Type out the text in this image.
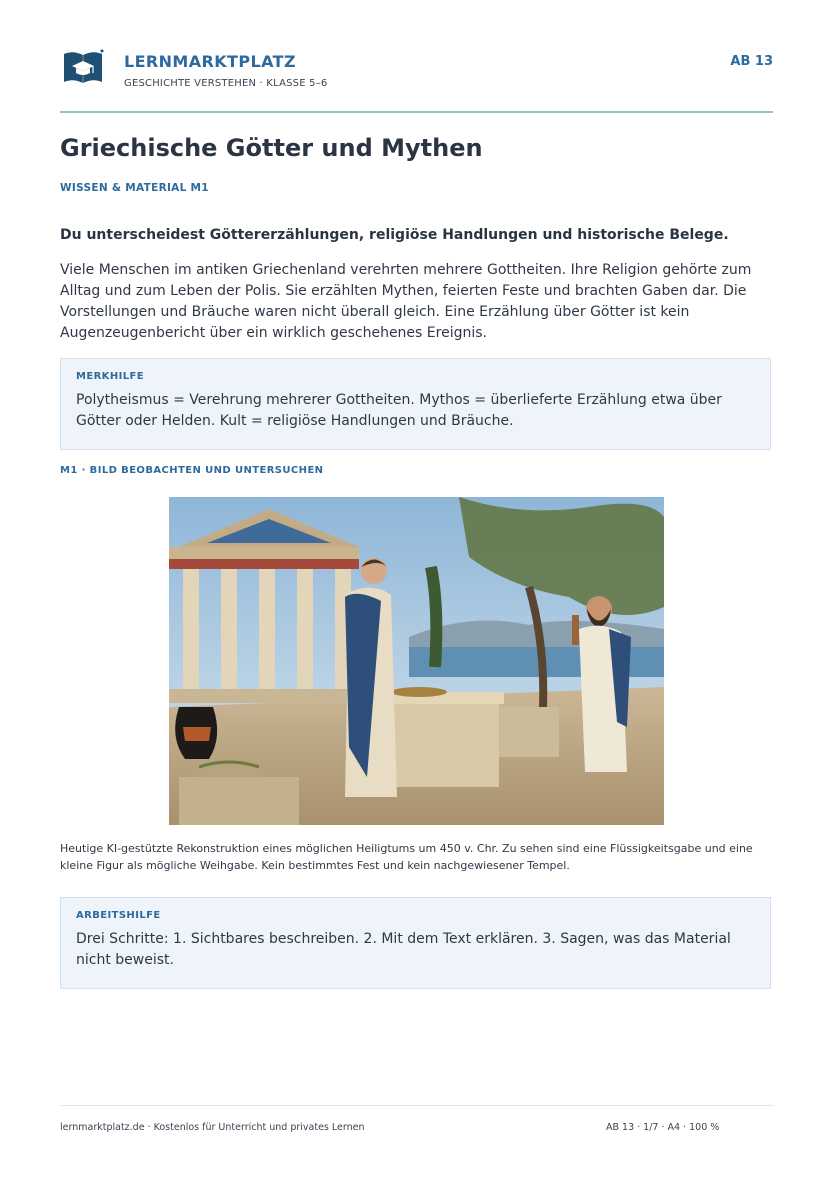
LERNMARKTPLATZ
GESCHICHTE VERSTEHEN · KLASSE 5–6
AB 13
Griechische Götter und Mythen
WISSEN & MATERIAL M1
Du unterscheidest Göttererzählungen, religiöse Handlungen und historische Belege.

Viele Menschen im antiken Griechenland verehrten mehrere Gottheiten. Ihre Religion gehörte zum Alltag und zum Leben der Polis. Sie erzählten Mythen, feierten Feste und brachten Gaben dar. Die Vorstellungen und Bräuche waren nicht überall gleich. Eine Erzählung über Götter ist kein Augenzeugenbericht über ein wirklich geschehenes Ereignis.

MERKHILFE

Polytheismus = Verehrung mehrerer Gottheiten. Mythos = überlieferte Erzählung etwa über Götter oder Helden. Kult = religiöse Handlungen und Bräuche.

M1 · BILD BEOBACHTEN UND UNTERSUCHEN

Heutige KI-gestützte Rekonstruktion eines möglichen Heiligtums um 450 v. Chr. Zu sehen sind eine Flüssigkeitsgabe und eine kleine Figur als mögliche Weihgabe. Kein bestimmtes Fest und kein nachgewiesener Tempel.

ARBEITSHILFE

Drei Schritte: 1. Sichtbares beschreiben. 2. Mit dem Text erklären. 3. Sagen, was das Material nicht beweist.

lernmarktplatz.de · Kostenlos für Unterricht und privates Lernen	AB 13 · 1/7 · A4 · 100 %
